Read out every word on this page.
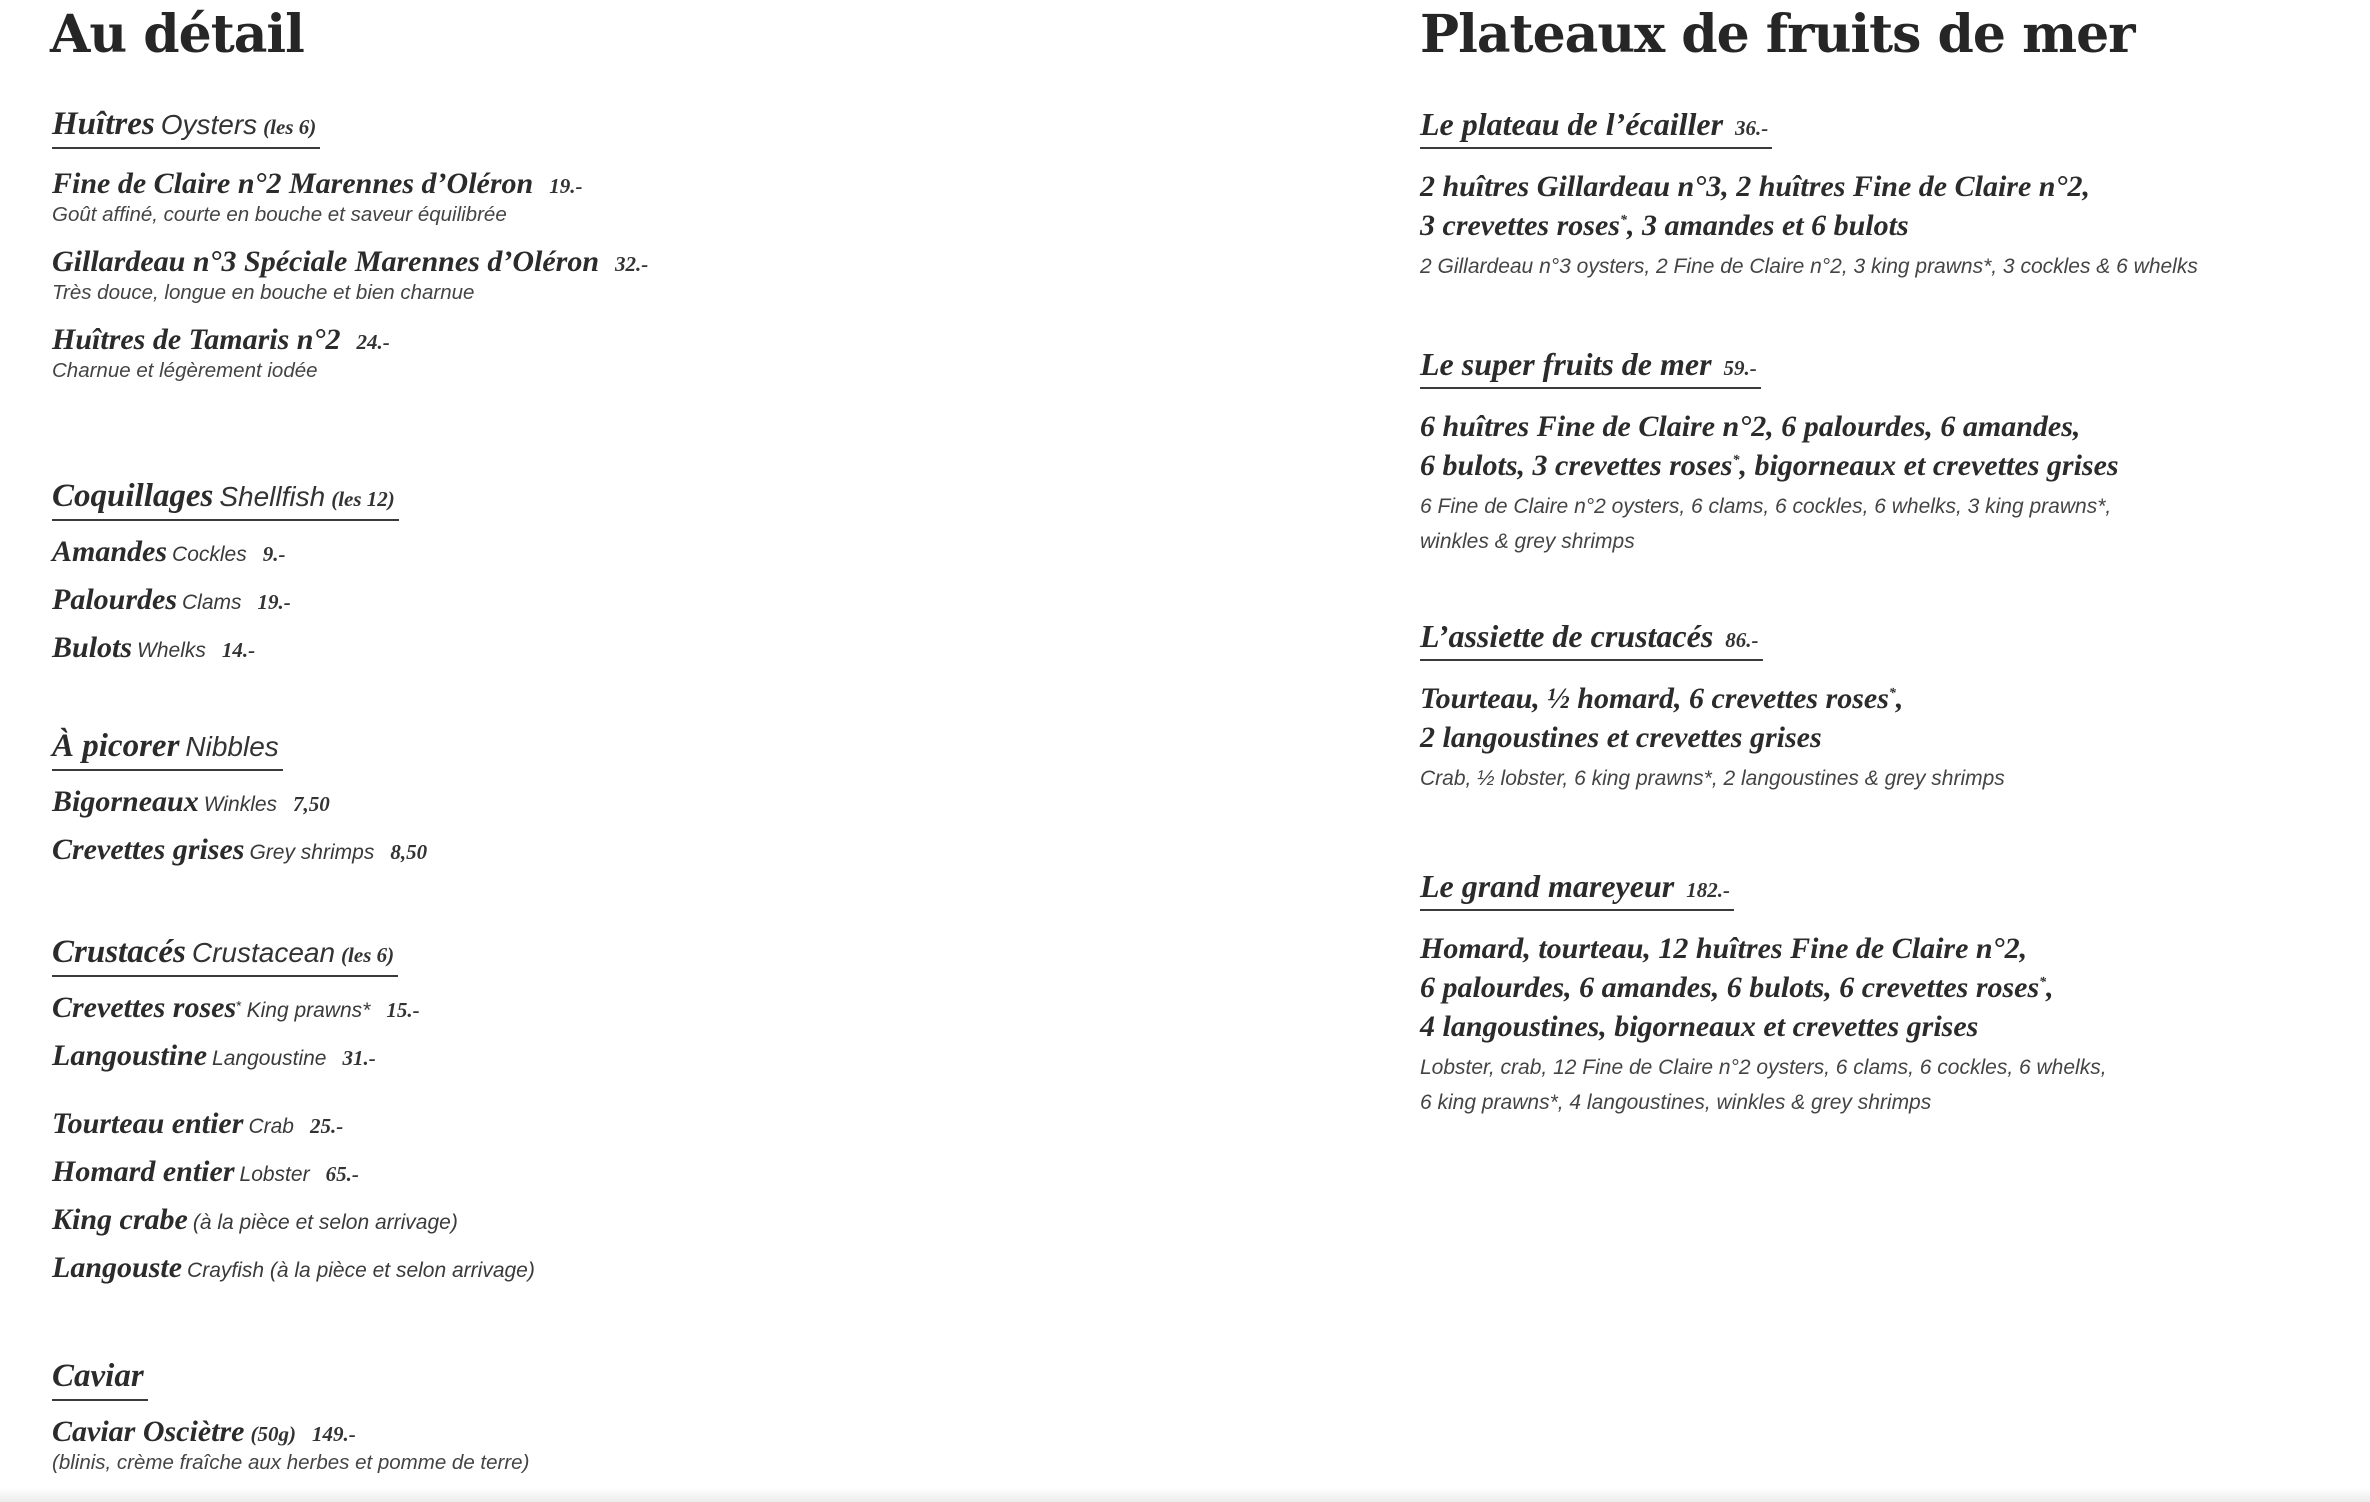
Au détail
Huîtres Oysters (les 6)
Fine de Claire n°2 Marennes d’Oléron 19.-
Goût affiné, courte en bouche et saveur équilibrée
Gillardeau n°3 Spéciale Marennes d’Oléron 32.-
Très douce, longue en bouche et bien charnue
Huîtres de Tamaris n°2 24.-
Charnue et légèrement iodée
Coquillages Shellfish (les 12)
Amandes Cockles 9.-
Palourdes Clams 19.-
Bulots Whelks 14.-
À picorer Nibbles
Bigorneaux Winkles 7,50
Crevettes grises Grey shrimps 8,50
Crustacés Crustacean (les 6)
Crevettes roses* King prawns* 15.-
Langoustine Langoustine 31.-
Tourteau entier Crab 25.-
Homard entier Lobster 65.-
King crabe (à la pièce et selon arrivage)
Langouste Crayfish (à la pièce et selon arrivage)
Caviar
Caviar Osciètre (50g) 149.-
(blinis, crème fraîche aux herbes et pomme de terre)
Plateaux de fruits de mer
Le plateau de l’écailler 36.-
2 huîtres Gillardeau n°3, 2 huîtres Fine de Claire n°2,
3 crevettes roses*, 3 amandes et 6 bulots
2 Gillardeau n°3 oysters, 2 Fine de Claire n°2, 3 king prawns*, 3 cockles & 6 whelks
Le super fruits de mer 59.-
6 huîtres Fine de Claire n°2, 6 palourdes, 6 amandes,
6 bulots, 3 crevettes roses*, bigorneaux et crevettes grises
6 Fine de Claire n°2 oysters, 6 clams, 6 cockles, 6 whelks, 3 king prawns*,
winkles & grey shrimps
L’assiette de crustacés 86.-
Tourteau, ½ homard, 6 crevettes roses*,
2 langoustines et crevettes grises
Crab, ½ lobster, 6 king prawns*, 2 langoustines & grey shrimps
Le grand mareyeur 182.-
Homard, tourteau, 12 huîtres Fine de Claire n°2,
6 palourdes, 6 amandes, 6 bulots, 6 crevettes roses*,
4 langoustines, bigorneaux et crevettes grises
Lobster, crab, 12 Fine de Claire n°2 oysters, 6 clams, 6 cockles, 6 whelks,
6 king prawns*, 4 langoustines, winkles & grey shrimps
